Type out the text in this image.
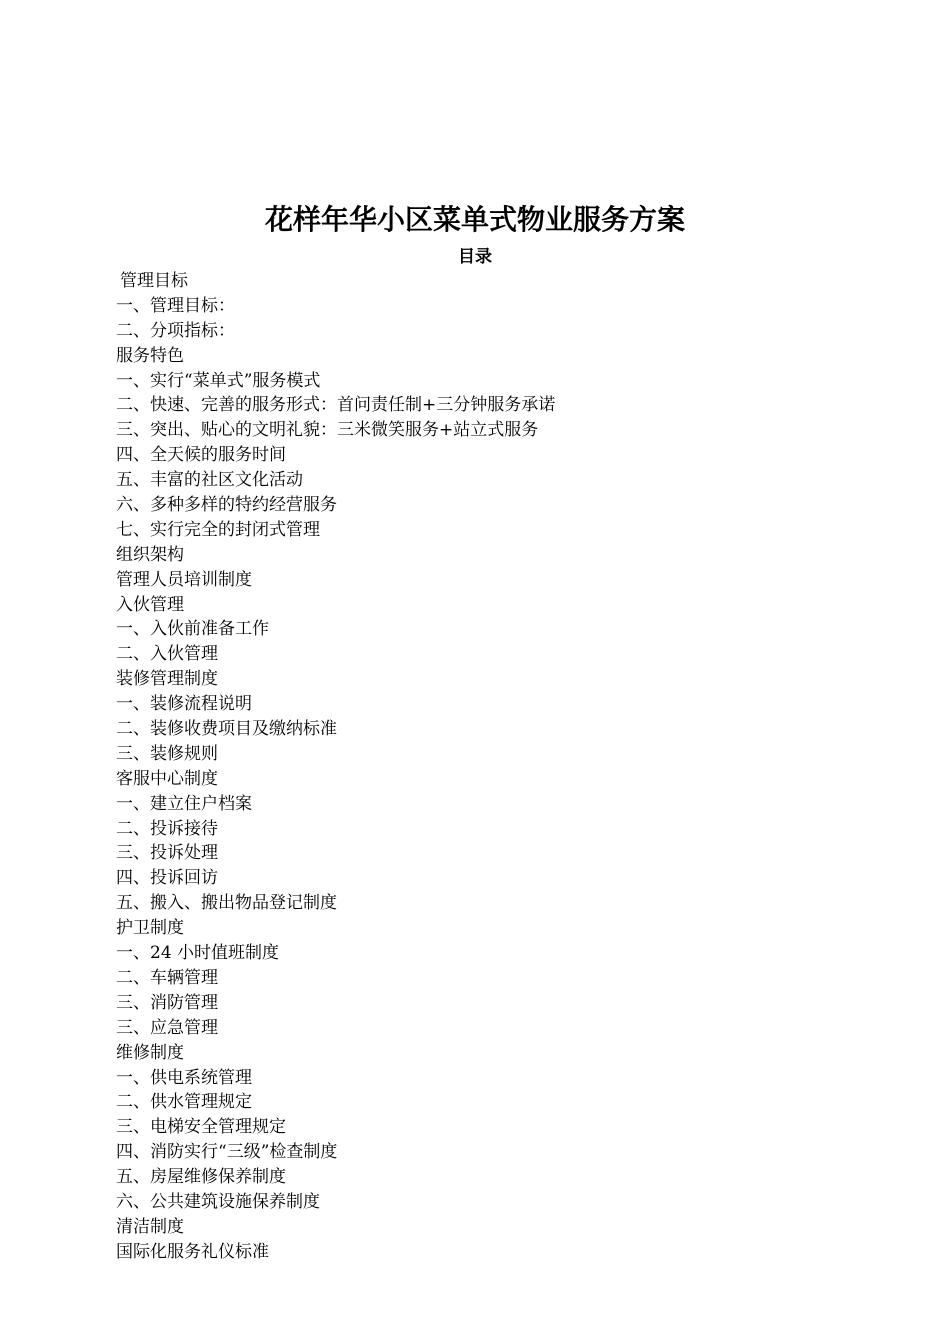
花样年华小区菜单式物业服务方案
目录
管理目标
一、管理目标：
二、分项指标：
服务特色
一、实行“菜单式”服务模式
二、快速、完善的服务形式：首问责任制+三分钟服务承诺
三、突出、贴心的文明礼貌：三米微笑服务+站立式服务
四、全天候的服务时间
五、丰富的社区文化活动
六、多种多样的特约经营服务
七、实行完全的封闭式管理
组织架构
管理人员培训制度
入伙管理
一、入伙前准备工作
二、入伙管理
装修管理制度
一、装修流程说明
二、装修收费项目及缴纳标准
三、装修规则
客服中心制度
一、建立住户档案
二、投诉接待
三、投诉处理
四、投诉回访
五、搬入、搬出物品登记制度
护卫制度
一、24 小时值班制度
二、车辆管理
三、消防管理
三、应急管理
维修制度
一、供电系统管理
二、供水管理规定
三、电梯安全管理规定
四、消防实行“三级”检查制度
五、房屋维修保养制度
六、公共建筑设施保养制度
清洁制度
国际化服务礼仪标准
